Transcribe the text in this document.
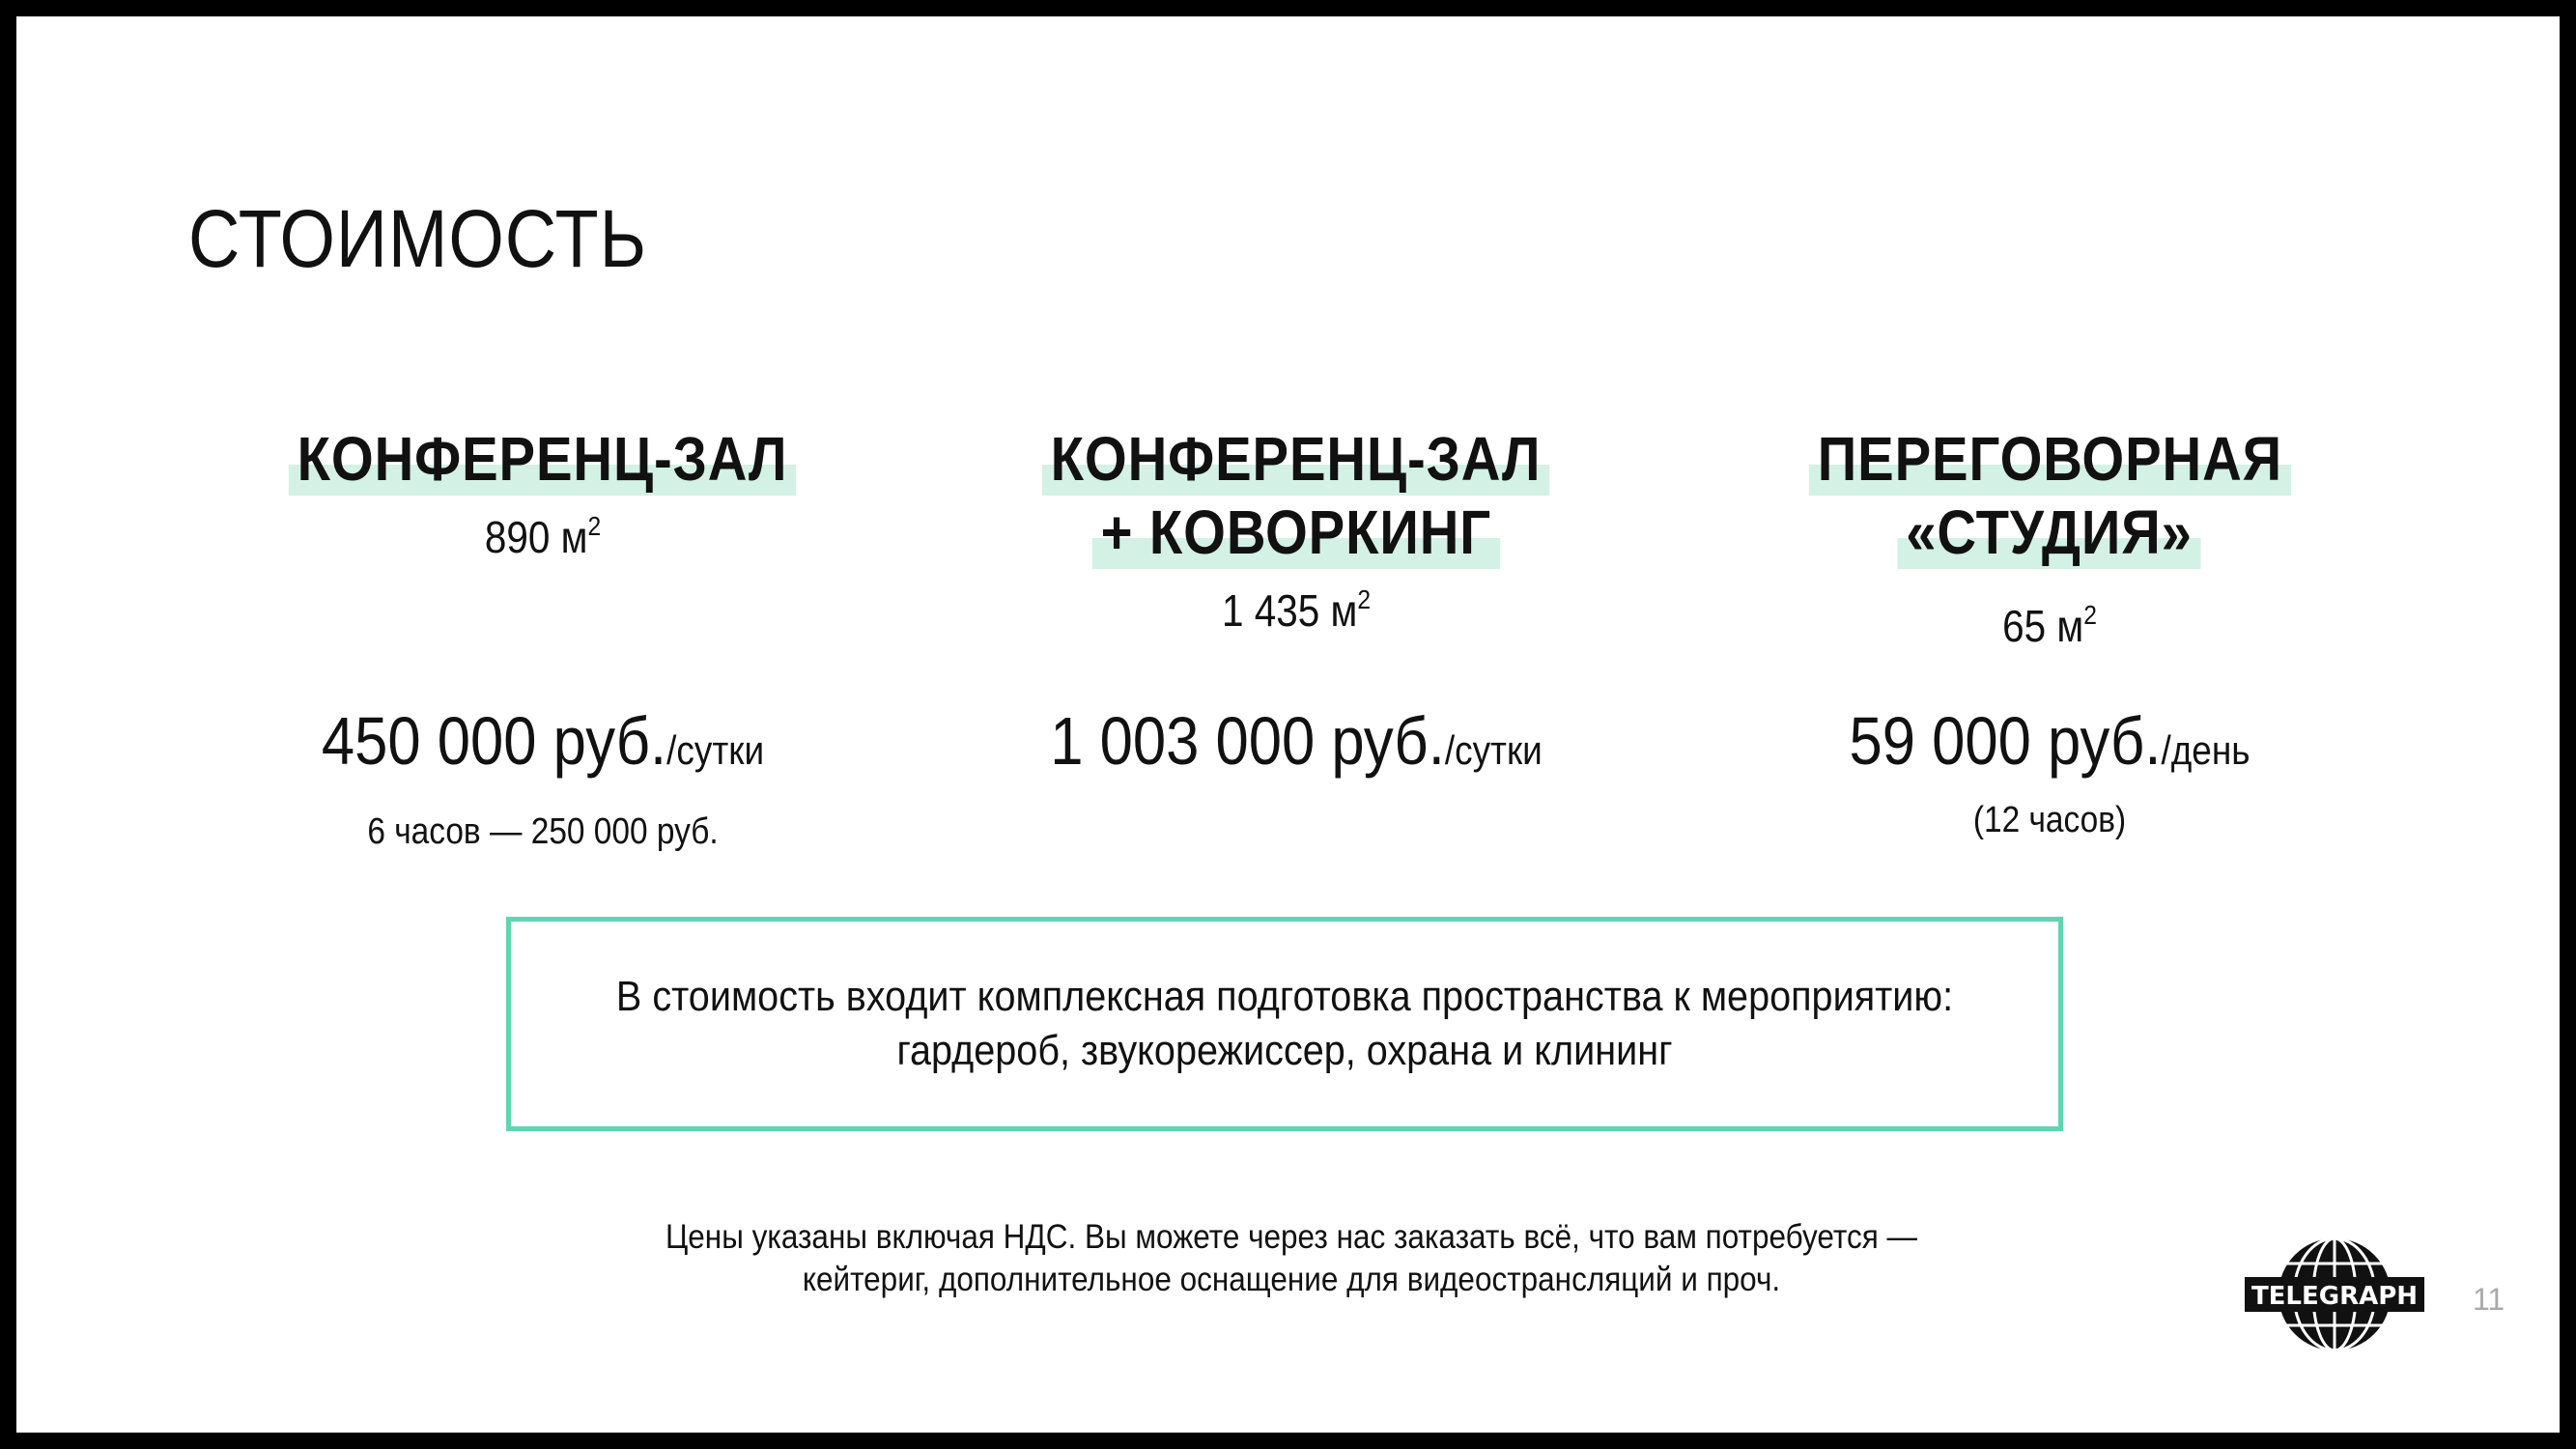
СТОИМОСТЬ
КОНФЕРЕНЦ-ЗАЛ
890 $м^2$
450 000 руб./сутки
6 часов — 250 000 руб.
КОНФЕРЕНЦ-ЗАЛ
+ КОВОРКИНГ
1 435 $м^2$
1 003 000 руб./сутки
ПЕРЕГОВОРНАЯ
«СТУДИЯ»
65 $м^2$
59 000 руб./день
(12 часов)
В стоимость входит комплексная подготовка пространства к мероприятию:
гардероб, звукорежиссер, охрана и клининг
Цены указаны включая НДС. Вы можете через нас заказать всё, что вам потребуется —
кейтериг, дополнительное оснащение для видеострансляций и проч.	TELEGRAPH 11
